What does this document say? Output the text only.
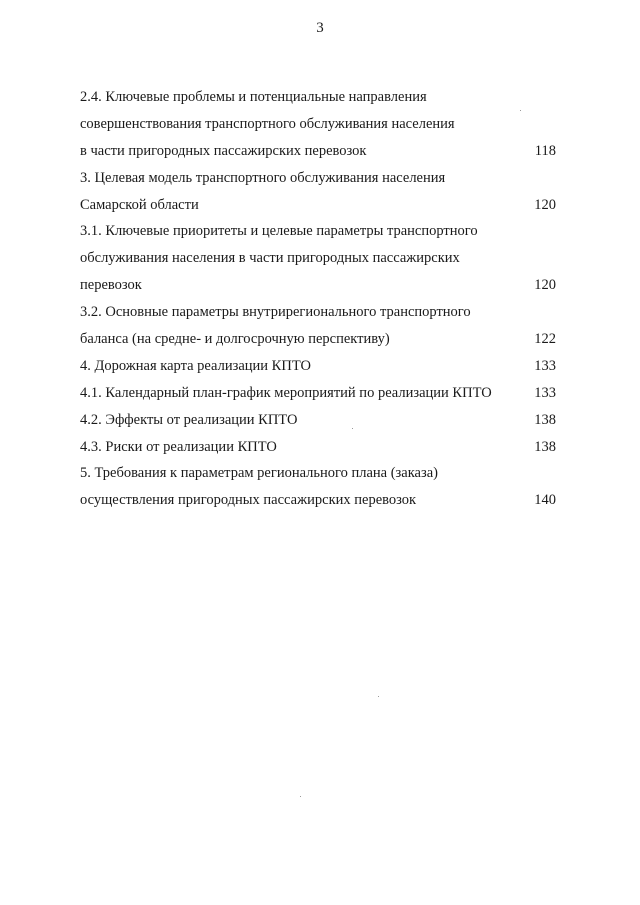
3
2.4. Ключевые проблемы и потенциальные направления
совершенствования транспортного обслуживания населения
в части пригородных пассажирских перевозок	118
3. Целевая модель транспортного обслуживания населения
Самарской области	120
3.1. Ключевые приоритеты и целевые параметры транспортного
обслуживания населения в части пригородных пассажирских
перевозок	120
3.2. Основные параметры внутрирегионального транспортного
баланса (на средне- и долгосрочную перспективу)	122
4. Дорожная карта реализации КПТО	133
4.1. Календарный план-график мероприятий по реализации КПТО	133
4.2. Эффекты от реализации КПТО	138
4.3. Риски от реализации КПТО	138
5. Требования к параметрам регионального плана (заказа)
осуществления пригородных пассажирских перевозок	140
